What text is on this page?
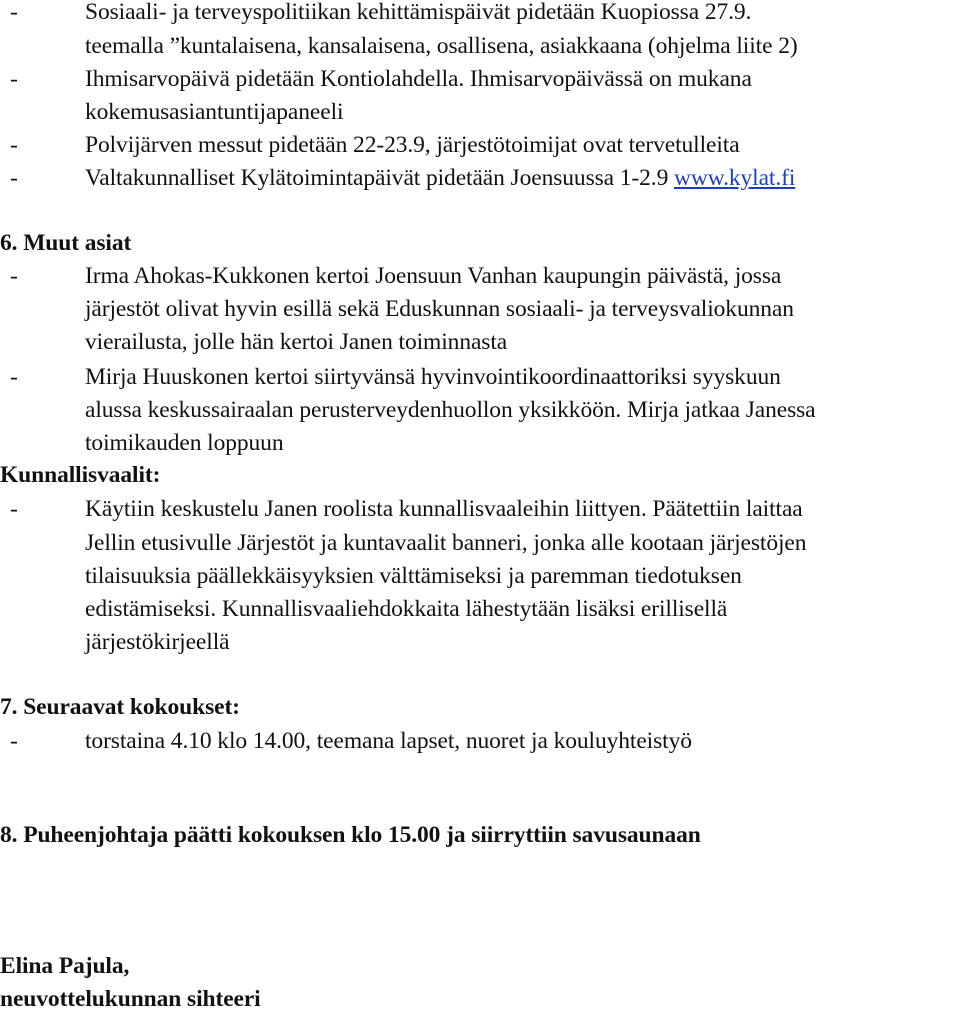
-	Sosiaali- ja terveyspolitiikan kehittämispäivät pidetään Kuopiossa 27.9.
teemalla ”kuntalaisena, kansalaisena, osallisena, asiakkaana (ohjelma liite 2)
-	Ihmisarvopäivä pidetään Kontiolahdella. Ihmisarvopäivässä on mukana
kokemusasiantuntijapaneeli
-	Polvijärven messut pidetään 22-23.9, järjestötoimijat ovat tervetulleita
-	Valtakunnalliset Kylätoimintapäivät pidetään Joensuussa 1-2.9 www.kylat.fi
6. Muut asiat
-	Irma Ahokas-Kukkonen kertoi Joensuun Vanhan kaupungin päivästä, jossa
järjestöt olivat hyvin esillä sekä Eduskunnan sosiaali- ja terveysvaliokunnan
vierailusta, jolle hän kertoi Janen toiminnasta
-	Mirja Huuskonen kertoi siirtyvänsä hyvinvointikoordinaattoriksi syyskuun
alussa keskussairaalan perusterveydenhuollon yksikköön. Mirja jatkaa Janessa
toimikauden loppuun
Kunnallisvaalit:
-	Käytiin keskustelu Janen roolista kunnallisvaaleihin liittyen. Päätettiin laittaa
Jellin etusivulle Järjestöt ja kuntavaalit banneri, jonka alle kootaan järjestöjen
tilaisuuksia päällekkäisyyksien välttämiseksi ja paremman tiedotuksen
edistämiseksi. Kunnallisvaaliehdokkaita lähestytään lisäksi erillisellä
järjestökirjeellä
7. Seuraavat kokoukset:
-	torstaina 4.10 klo 14.00, teemana lapset, nuoret ja kouluyhteistyö
8. Puheenjohtaja päätti kokouksen klo 15.00 ja siirryttiin savusaunaan
Elina Pajula,
neuvottelukunnan sihteeri
